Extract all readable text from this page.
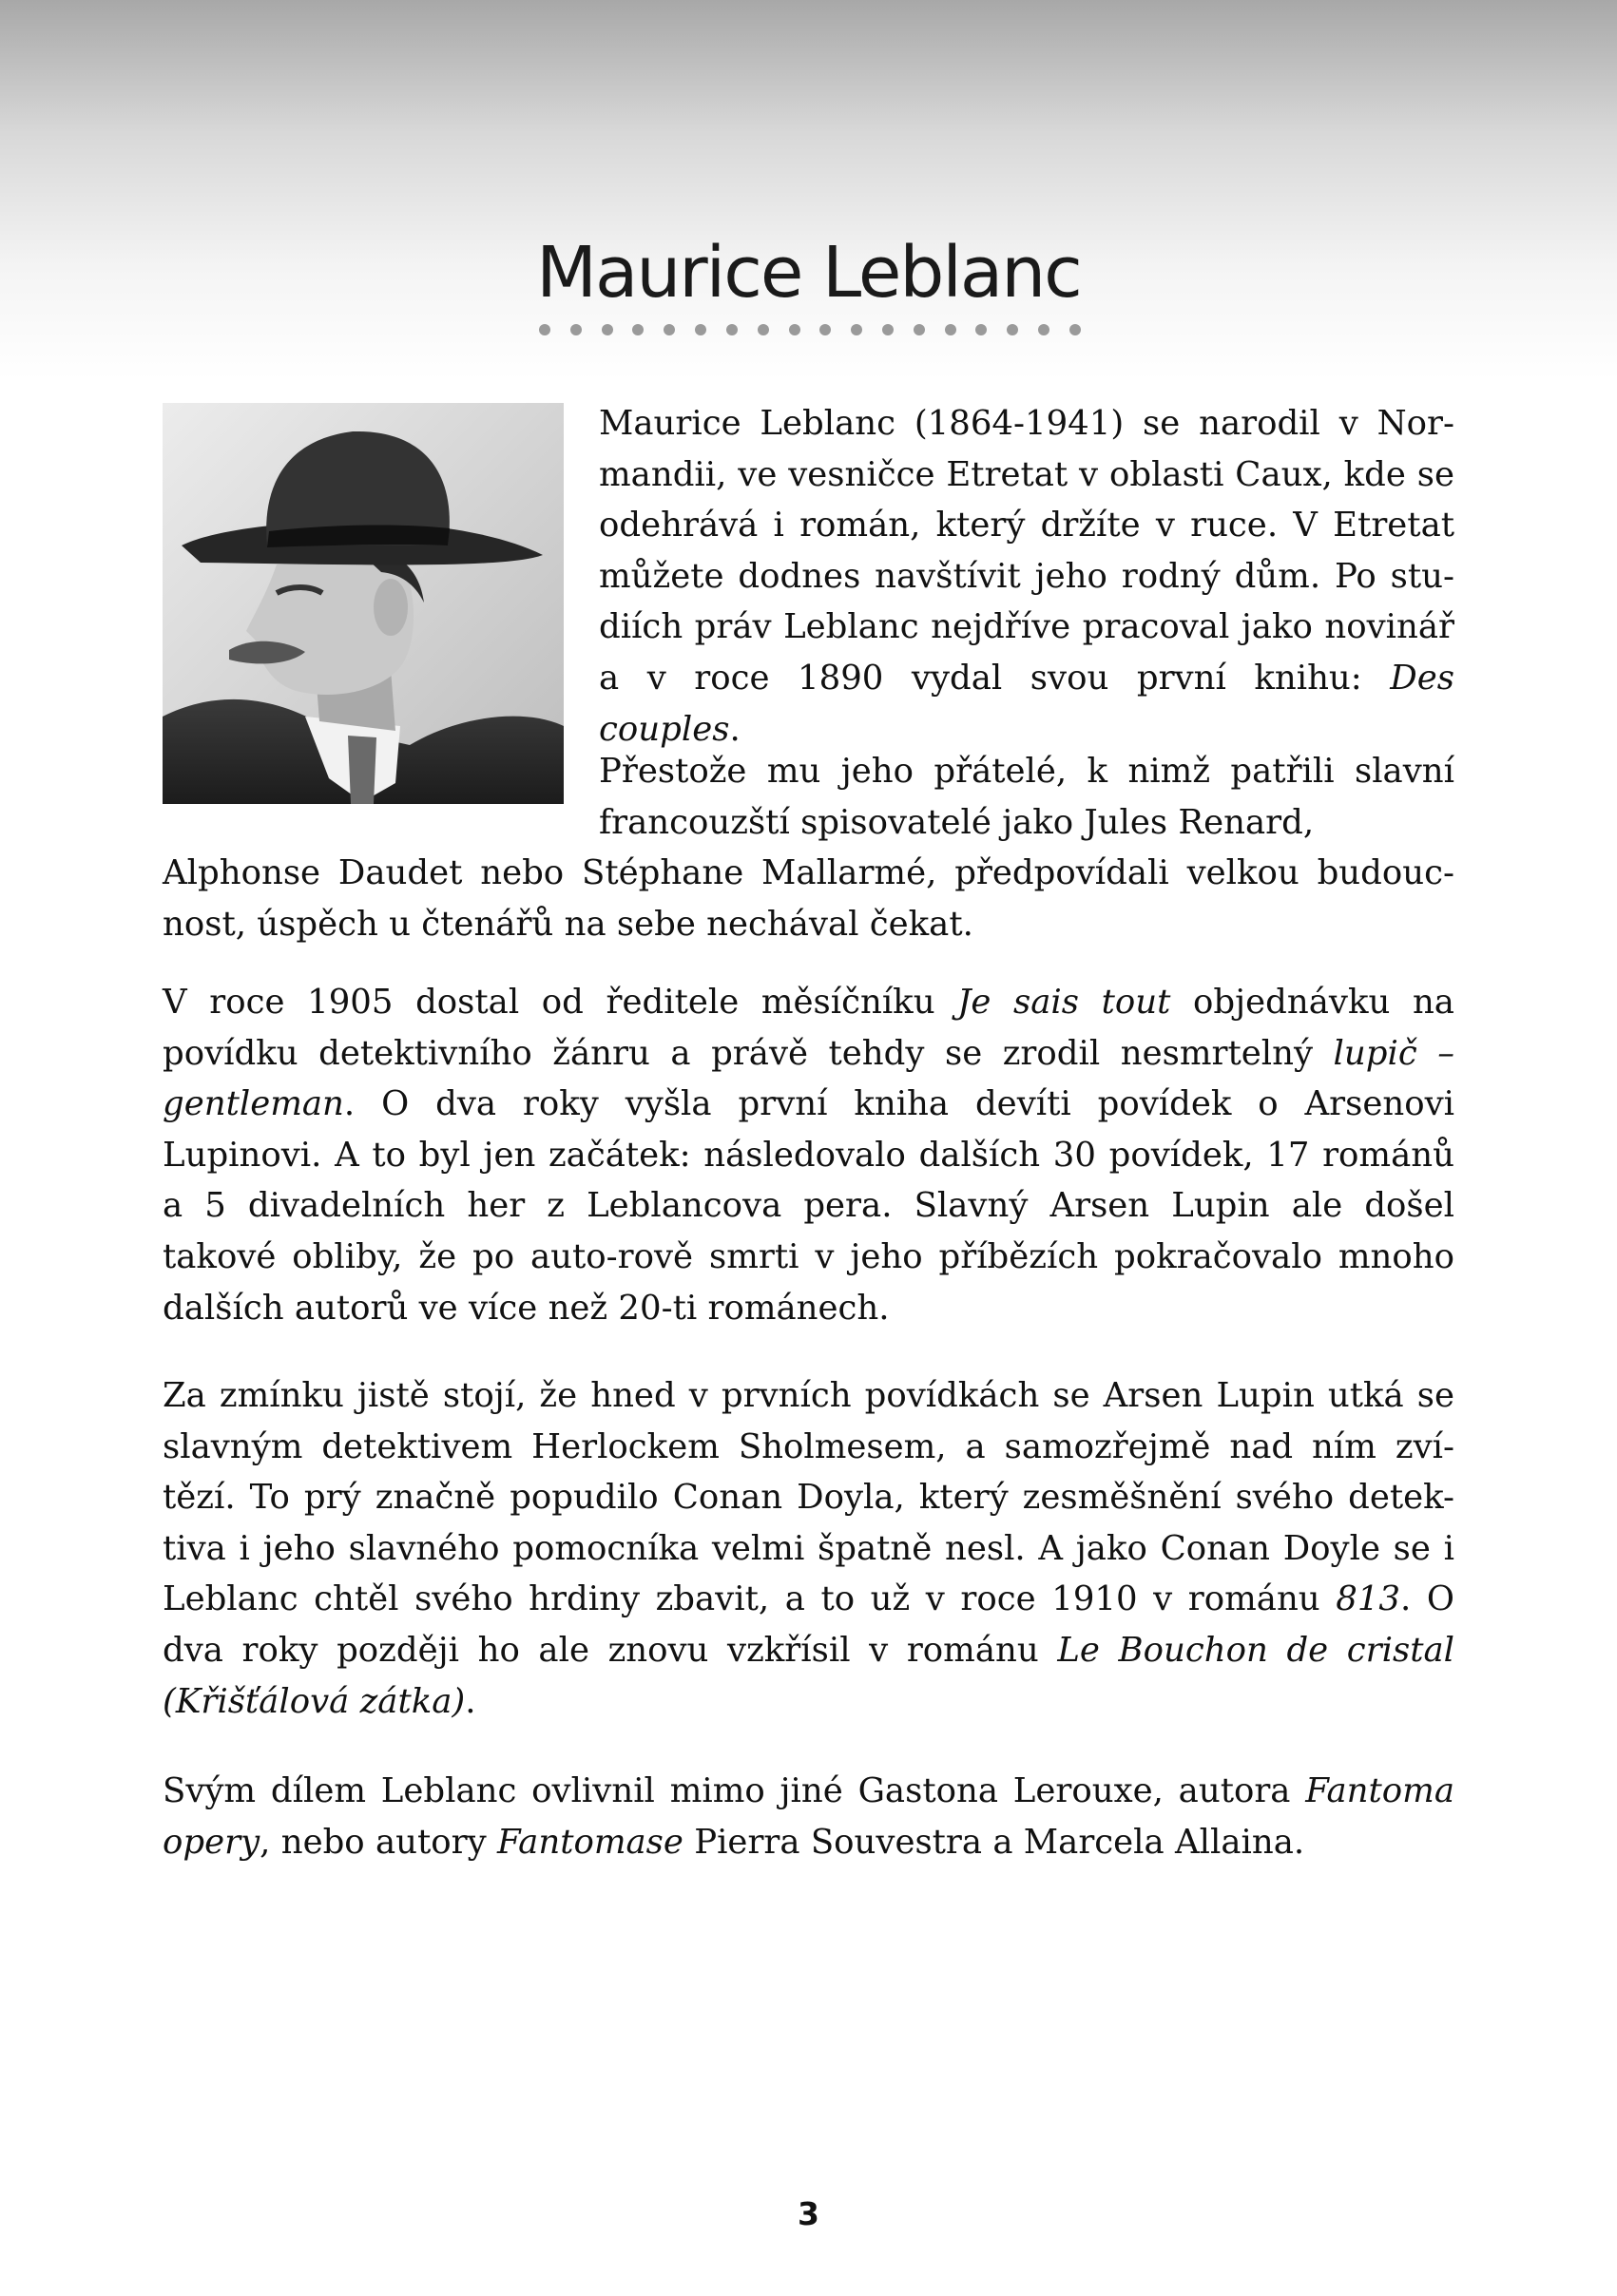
Maurice Leblanc

Maurice Leblanc (1864-1941) se narodil v Nor- mandii, ve vesničce Etretat v oblasti Caux, kde se odehrává i román, který držíte v ruce. V Etretat můžete dodnes navštívit jeho rodný dům. Po stu- diích práv Leblanc nejdříve pracoval jako novinář a v roce 1890 vydal svou první knihu: Des couples.

Přestože mu jeho přátelé, k nimž patřili slavní francouzští spisovatelé jako Jules Renard,

Alphonse Daudet nebo Stéphane Mallarmé, předpovídali velkou budouc- nost, úspěch u čtenářů na sebe nechával čekat.

V roce 1905 dostal od ředitele měsíčníku Je sais tout objednávku na povídku detektivního žánru a právě tehdy se zrodil nesmrtelný lupič – gentleman. O dva roky vyšla první kniha devíti povídek o Arsenovi Lupinovi. A to byl jen začátek: následovalo dalších 30 povídek, 17 románů a 5 divadelních her z Leblancova pera. Slavný Arsen Lupin ale došel takové obliby, že po auto-rově smrti v jeho příbězích pokračovalo mnoho dalších autorů ve více než 20-ti románech.

Za zmínku jistě stojí, že hned v prvních povídkách se Arsen Lupin utká se slavným detektivem Herlockem Sholmesem, a samozřejmě nad ním zví-tězí. To prý značně popudilo Conan Doyla, který zesměšnění svého detek-tiva i jeho slavného pomocníka velmi špatně nesl. A jako Conan Doyle se i Leblanc chtěl svého hrdiny zbavit, a to už v roce 1910 v románu 813. O dva roky později ho ale znovu vzkřísil v románu Le Bouchon de cristal (Křišťálová zátka).

Svým dílem Leblanc ovlivnil mimo jiné Gastona Lerouxe, autora Fantoma opery, nebo autory Fantomase Pierra Souvestra a Marcela Allaina.

3
